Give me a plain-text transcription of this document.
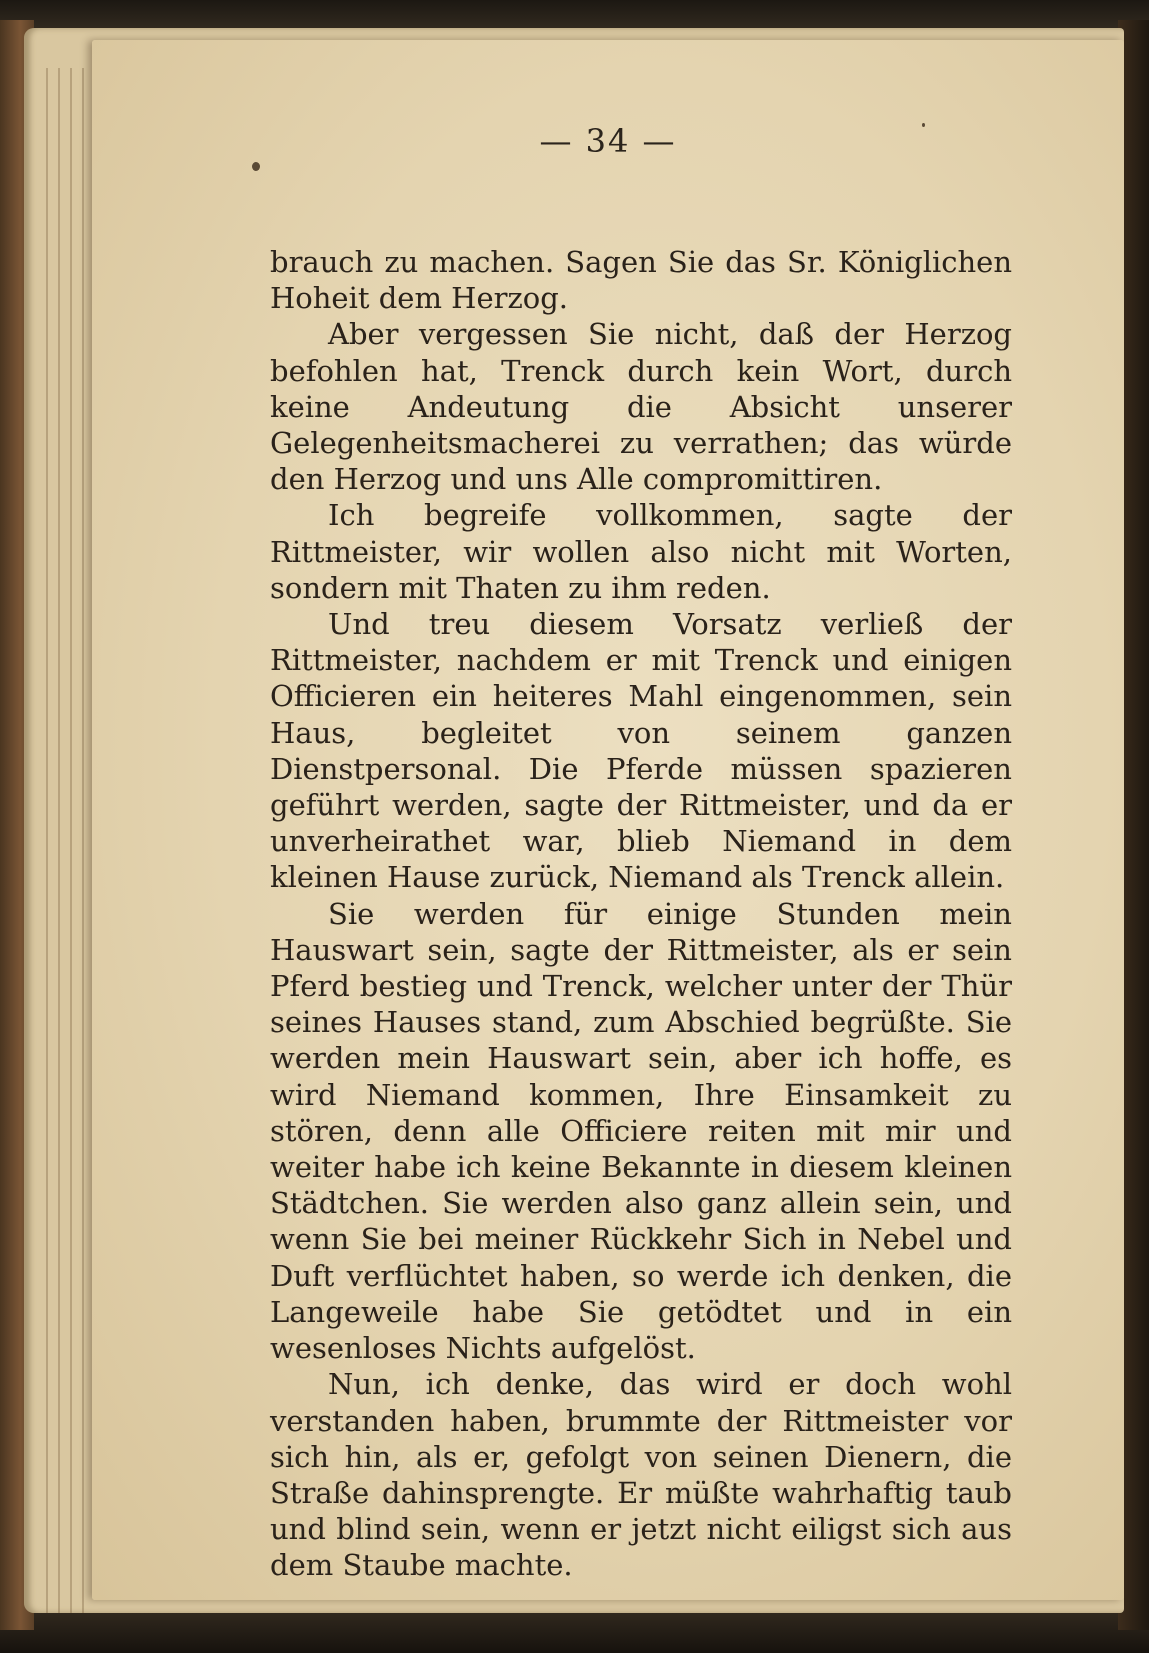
— 34 —

brauch zu machen. Sagen Sie das Sr. Königlichen Hoheit dem Herzog.

Aber vergessen Sie nicht, daß der Herzog befohlen hat, Trenck durch kein Wort, durch keine Andeutung die Absicht unserer Gelegenheitsmacherei zu verrathen; das würde den Herzog und uns Alle compromittiren.

Ich begreife vollkommen, sagte der Rittmeister, wir wollen also nicht mit Worten, sondern mit Thaten zu ihm reden.

Und treu diesem Vorsatz verließ der Rittmeister, nachdem er mit Trenck und einigen Officieren ein heiteres Mahl eingenommen, sein Haus, begleitet von seinem ganzen Dienstpersonal. Die Pferde müssen spazieren geführt werden, sagte der Rittmeister, und da er unverheirathet war, blieb Niemand in dem kleinen Hause zurück, Niemand als Trenck allein.

Sie werden für einige Stunden mein Hauswart sein, sagte der Rittmeister, als er sein Pferd bestieg und Trenck, welcher unter der Thür seines Hauses stand, zum Abschied begrüßte. Sie werden mein Hauswart sein, aber ich hoffe, es wird Niemand kommen, Ihre Einsamkeit zu stören, denn alle Officiere reiten mit mir und weiter habe ich keine Bekannte in diesem kleinen Städtchen. Sie werden also ganz allein sein, und wenn Sie bei meiner Rückkehr Sich in Nebel und Duft verflüchtet haben, so werde ich denken, die Langeweile habe Sie getödtet und in ein wesenloses Nichts aufgelöst.

Nun, ich denke, das wird er doch wohl verstanden haben, brummte der Rittmeister vor sich hin, als er, gefolgt von seinen Dienern, die Straße dahinsprengte. Er müßte wahrhaftig taub und blind sein, wenn er jetzt nicht eiligst sich aus dem Staube machte.
